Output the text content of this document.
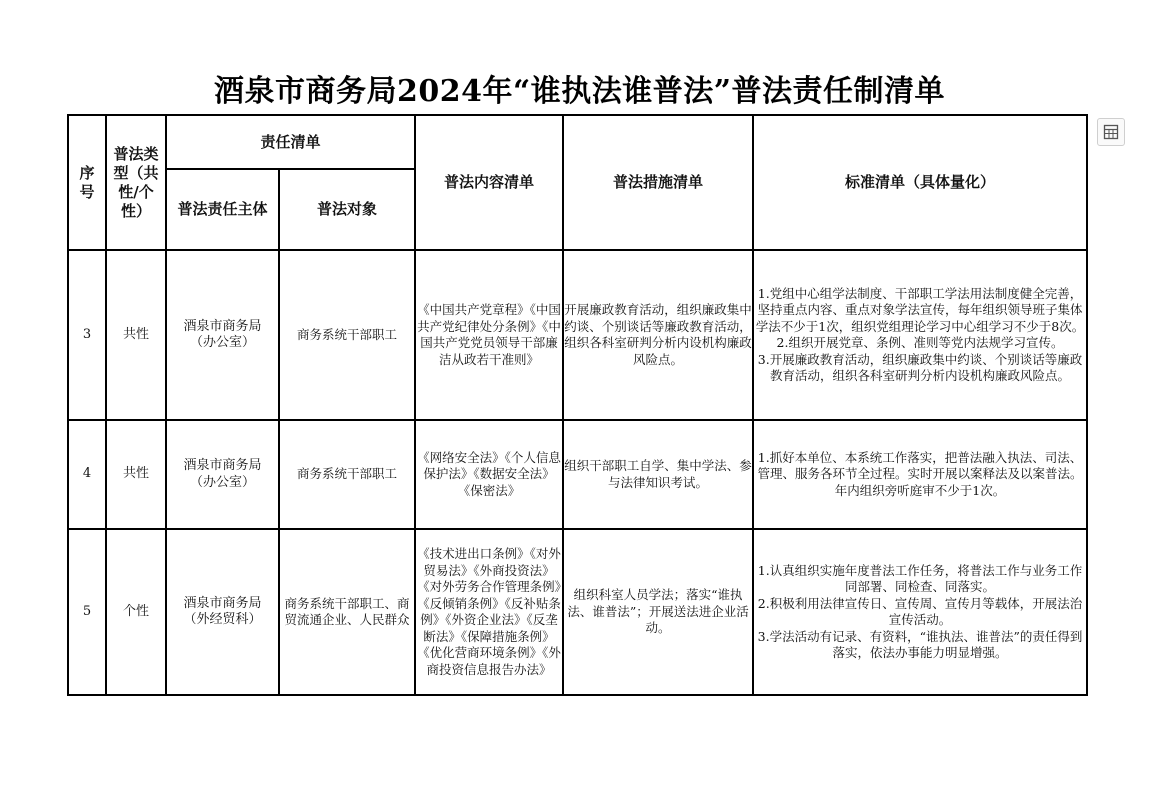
酒泉市商务局2024年“谁执法谁普法”普法责任制清单
序号	普法类型（共性/个性）	责任清单		普法内容清单	普法措施清单	标准清单（具体量化）
		普法责任主体	普法对象			
3	共性	酒泉市商务局（办公室）	商务系统干部职工	《中国共产党章程》《中国共产党纪律处分条例》《中国共产党党员领导干部廉洁从政若干准则》	开展廉政教育活动，组织廉政集中约谈、个别谈话等廉政教育活动，组织各科室研判分析内设机构廉政风险点。	1.党组中心组学法制度、干部职工学法用法制度健全完善，坚持重点内容、重点对象学法宣传，每年组织领导班子集体学法不少于1次，组织党组理论学习中心组学习不少于8次。
2.组织开展党章、条例、准则等党内法规学习宣传。
3.开展廉政教育活动，组织廉政集中约谈、个别谈话等廉政教育活动，组织各科室研判分析内设机构廉政风险点。

4	共性	酒泉市商务局（办公室）	商务系统干部职工	《网络安全法》《个人信息保护法》《数据安全法》《保密法》	组织干部职工自学、集中学法、参与法律知识考试。	1.抓好本单位、本系统工作落实，把普法融入执法、司法、管理、服务各环节全过程。实时开展以案释法及以案普法。年内组织旁听庭审不少于1次。

5	个性	酒泉市商务局（外经贸科）	商务系统干部职工、商贸流通企业、人民群众	《技术进出口条例》《对外贸易法》《外商投资法》《对外劳务合作管理条例》《反倾销条例》《反补贴条例》《外资企业法》《反垄断法》《保障措施条例》《优化营商环境条例》《外商投资信息报告办法》	组织科室人员学法；落实“谁执法、谁普法”；开展送法进企业活动。	1.认真组织实施年度普法工作任务，将普法工作与业务工作同部署、同检查、同落实。
2.积极利用法律宣传日、宣传周、宣传月等载体，开展法治宣传活动。
3.学法活动有记录、有资料，“谁执法、谁普法”的责任得到落实，依法办事能力明显增强。
